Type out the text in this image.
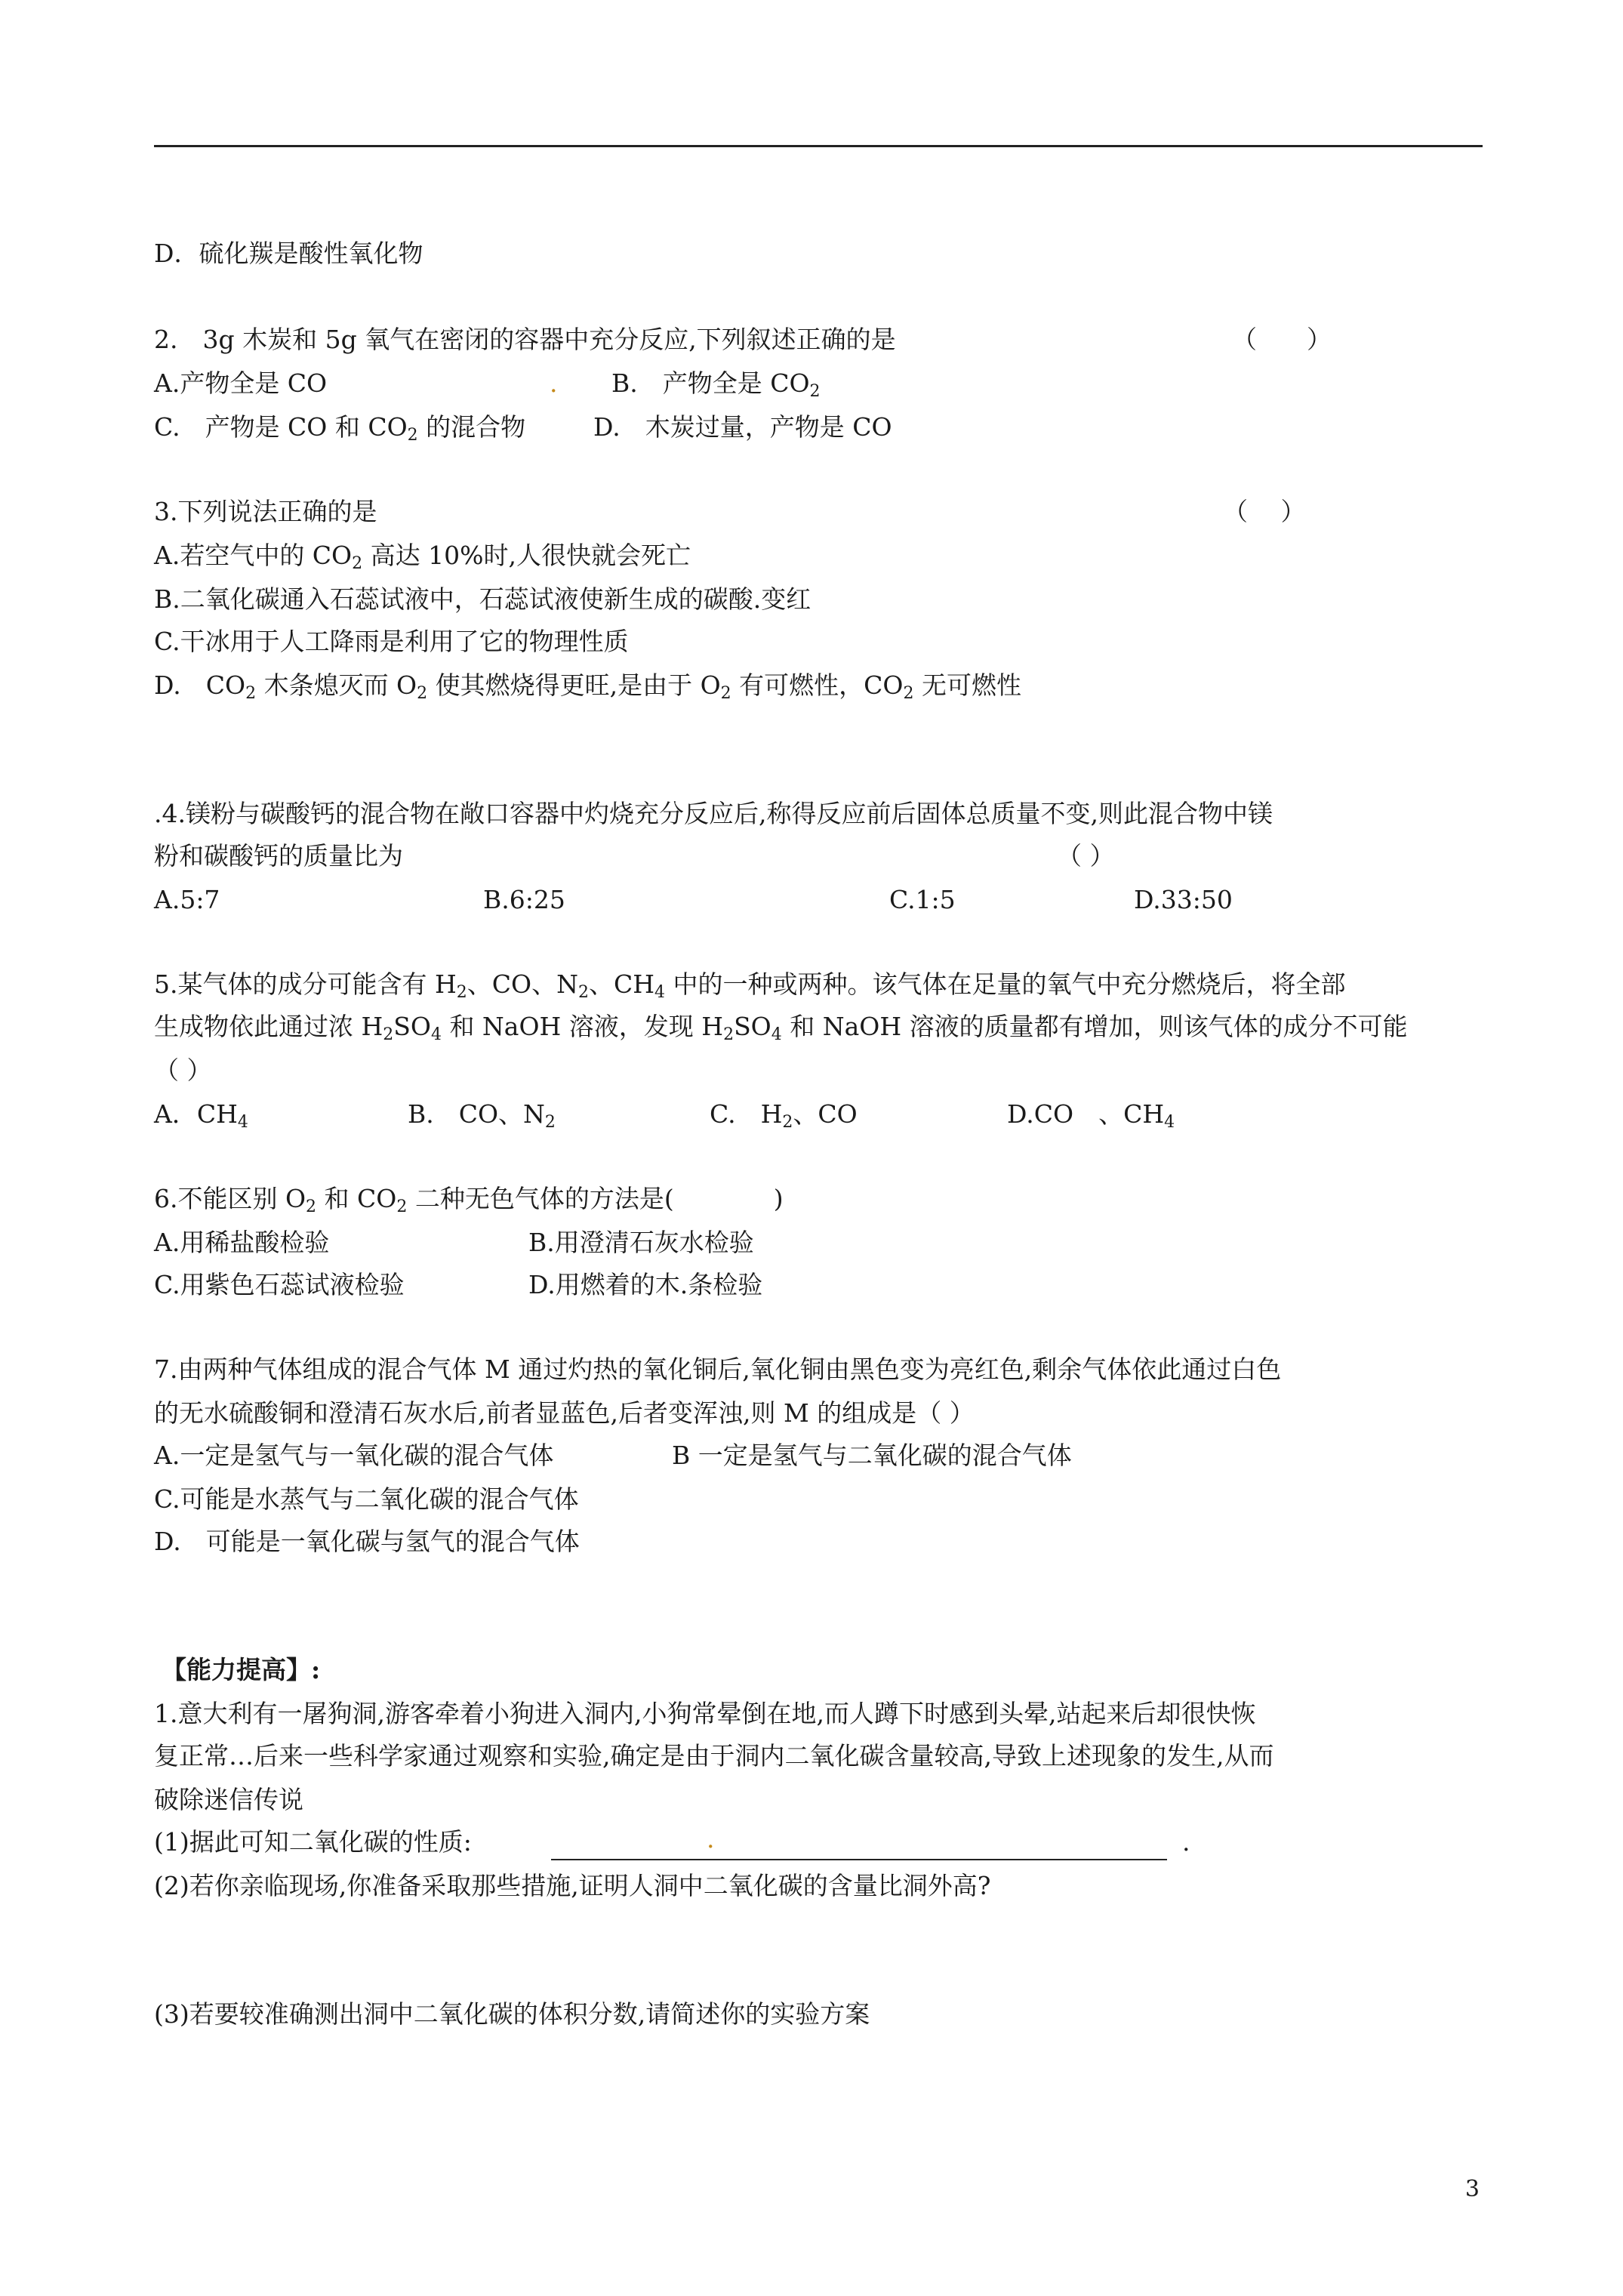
D．硫化羰是酸性氧化物
2.　3g 木炭和 5g 氧气在密闭的容器中充分反应,下列叙述正确的是	（　　）
A.产物全是 CO	. B.　产物全是 $CO_2$
C.　产物是 CO 和 $CO_2$ 的混合物	D.　木炭过量，产物是 CO
3.下列说法正确的是	（　 ）
A.若空气中的 $CO_2$ 高达 10%时,人很快就会死亡
B.二氧化碳通入石蕊试液中，石蕊试液使新生成的碳酸.变红
C.干冰用于人工降雨是利用了它的物理性质
D.　$CO_2$ 木条熄灭而 $O_2$ 使其燃烧得更旺,是由于 $O_2$ 有可燃性，$CO_2$ 无可燃性
.4.镁粉与碳酸钙的混合物在敞口容器中灼烧充分反应后,称得反应前后固体总质量不变,则此混合物中镁
粉和碳酸钙的质量比为	（ ）
A.5:7	B.6:25	C.1:5	D.33:50
5.某气体的成分可能含有 $H_2$、CO、$N_2$、$CH_4$ 中的一种或两种。该气体在足量的氧气中充分燃烧后，将全部
生成物依此通过浓 $H_2SO_4$ 和 NaOH 溶液，发现 $H_2SO_4$ 和 NaOH 溶液的质量都有增加，则该气体的成分不可能
（ ）
A．$CH_4$	B.　CO、$N_2$	C.　$H_2$、CO	D.CO　、$CH_4$
6.不能区别 $O_2$ 和 $CO_2$ 二种无色气体的方法是(　　　　)
A.用稀盐酸检验	B.用澄清石灰水检验
C.用紫色石蕊试液检验	D.用燃着的木.条检验
7.由两种气体组成的混合气体 M 通过灼热的氧化铜后,氧化铜由黑色变为亮红色,剩余气体依此通过白色
的无水硫酸铜和澄清石灰水后,前者显蓝色,后者变浑浊,则 M 的组成是（ ）
A.一定是氢气与一氧化碳的混合气体	B 一定是氢气与二氧化碳的混合气体
C.可能是水蒸气与二氧化碳的混合气体
D.　可能是一氧化碳与氢气的混合气体
【能力提高】:
1.意大利有一屠狗洞,游客牵着小狗进入洞内,小狗常晕倒在地,而人蹲下时感到头晕,站起来后却很快恢
复正常…后来一些科学家通过观察和实验,确定是由于洞内二氧化碳含量较高,导致上述现象的发生,从而
破除迷信传说
(1)据此可知二氧化碳的性质:	.	.
(2)若你亲临现场,你准备采取那些措施,证明人洞中二氧化碳的含量比洞外高?
(3)若要较准确测出洞中二氧化碳的体积分数,请简述你的实验方案
3
